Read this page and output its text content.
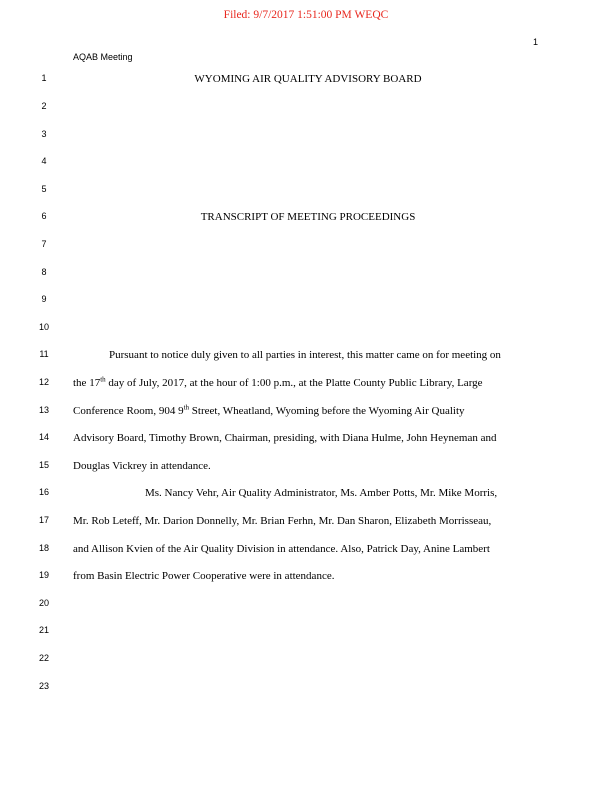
Filed: 9/7/2017 1:51:00 PM WEQC
1
AQAB Meeting
1	WYOMING AIR QUALITY ADVISORY BOARD
2
3
4
5
6	TRANSCRIPT OF MEETING PROCEEDINGS
7
8
9
10
11	Pursuant to notice duly given to all parties in interest, this matter came on for meeting on
12	the 17th day of July, 2017, at the hour of 1:00 p.m., at the Platte County Public Library, Large
13	Conference Room, 904 9th Street, Wheatland, Wyoming before the Wyoming Air Quality
14	Advisory Board, Timothy Brown, Chairman, presiding, with Diana Hulme, John Heyneman and
15	Douglas Vickrey in attendance.
16	Ms. Nancy Vehr, Air Quality Administrator, Ms. Amber Potts, Mr. Mike Morris,
17	Mr. Rob Leteff, Mr. Darion Donnelly, Mr. Brian Ferhn, Mr. Dan Sharon, Elizabeth Morrisseau,
18	and Allison Kvien of the Air Quality Division in attendance. Also, Patrick Day, Anine Lambert
19	from Basin Electric Power Cooperative were in attendance.
20
21
22
23
